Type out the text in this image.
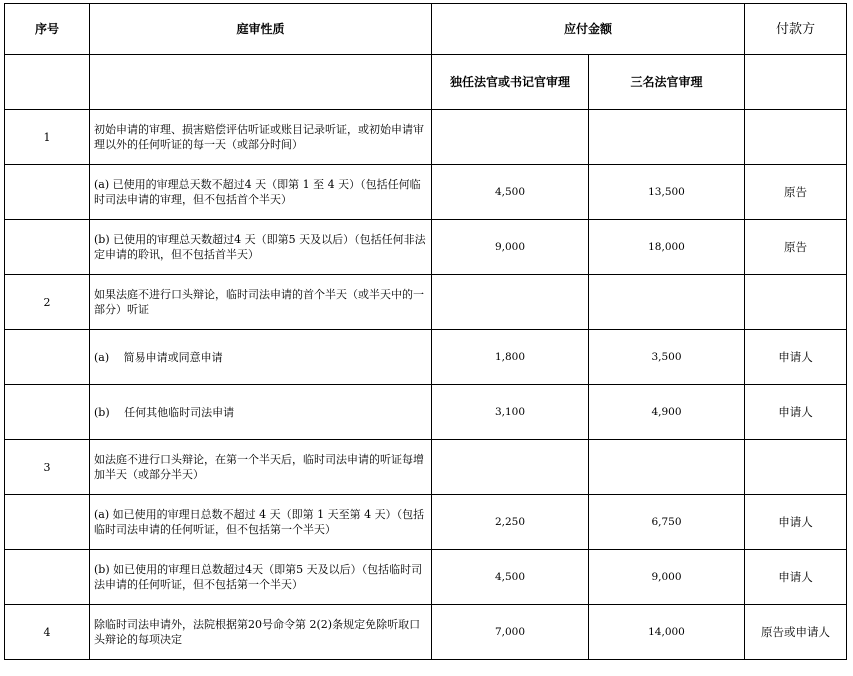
序号	庭审性质	应付金额		付款方
		独任法官或书记官审理	三名法官审理	
1	初始申请的审理、损害赔偿评估听证或账目记录听证，或初始申请审理以外的任何听证的每一天（或部分时间）			
	(a) 已使用的审理总天数不超过4 天（即第 1 至 4 天）（包括任何临时司法申请的审理，但不包括首个半天）	4,500	13,500	原告
	(b) 已使用的审理总天数超过4 天（即第5 天及以后）（包括任何非法定申请的聆讯，但不包括首半天）	9,000	18,000	原告
2	如果法庭不进行口头辩论，临时司法申请的首个半天（或半天中的一部分）听证			
	(a)　 简易申请或同意申请	1,800	3,500	申请人
	(b)　 任何其他临时司法申请	3,100	4,900	申请人
3	如法庭不进行口头辩论，在第一个半天后，临时司法申请的听证每增加半天（或部分半天）			
	(a) 如已使用的审理日总数不超过 4 天（即第 1 天至第 4 天）（包括临时司法申请的任何听证，但不包括第一个半天）	2,250	6,750	申请人
	(b) 如已使用的审理日总数超过4天（即第5 天及以后）（包括临时司法申请的任何听证，但不包括第一个半天）	4,500	9,000	申请人
4	除临时司法申请外，法院根据第20号命令第 2(2)条规定免除听取口头辩论的每项决定	7,000	14,000	原告或申请人
